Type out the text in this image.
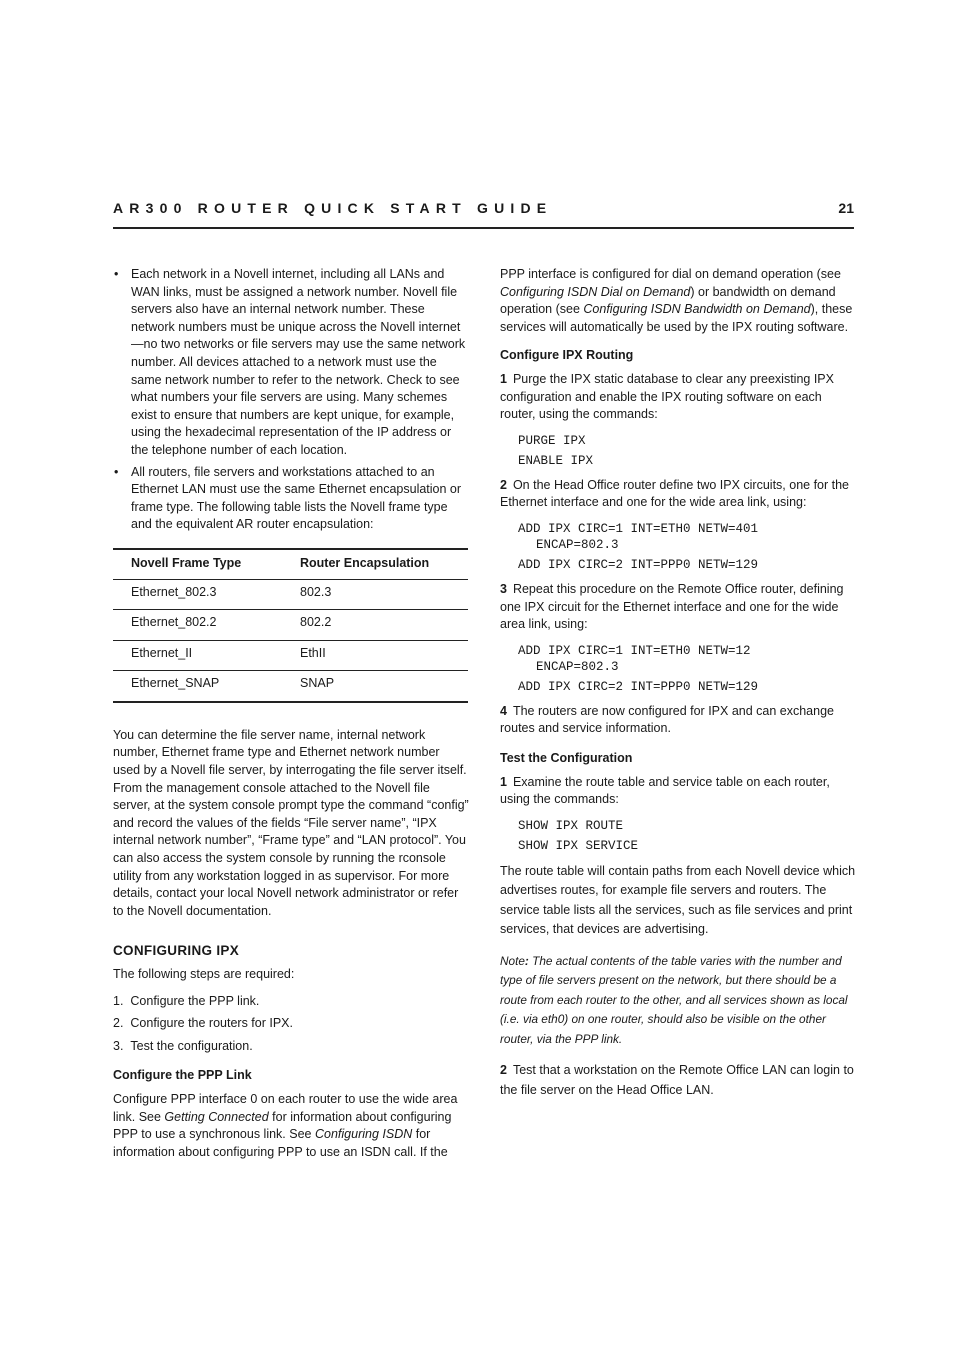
AR300 ROUTER QUICK START GUIDE	21
• Each network in a Novell internet, including all LANs and WAN links, must be assigned a network number. Novell file servers also have an internal network number. These network numbers must be unique across the Novell internet—no two networks or file servers may use the same network number. All devices attached to a network must use the same network number to refer to the network. Check to see what numbers your file servers are using. Many schemes exist to ensure that numbers are kept unique, for example, using the hexadecimal representation of the IP address or the telephone number of each location.
• All routers, file servers and workstations attached to an Ethernet LAN must use the same Ethernet encapsulation or frame type. The following table lists the Novell frame type and the equivalent AR router encapsulation:
Novell Frame Type	Router Encapsulation
Ethernet_802.3	802.3
Ethernet_802.2	802.2
Ethernet_II	EthII
Ethernet_SNAP	SNAP

You can determine the file server name, internal network number, Ethernet frame type and Ethernet network number used by a Novell file server, by interrogating the file server itself. From the management console attached to the Novell file server, at the system console prompt type the command “config” and record the values of the fields “File server name”, “IPX internal network number”, “Frame type” and “LAN protocol”. You can also access the system console by running the rconsole utility from any workstation logged in as supervisor. For more details, contact your local Novell network administrator or refer to the Novell documentation.

CONFIGURING IPX

The following steps are required:

1. Configure the PPP link.
2. Configure the routers for IPX.
3. Test the configuration.
Configure the PPP Link

Configure PPP interface 0 on each router to use the wide area link. See Getting Connected for information about configuring PPP to use a synchronous link. See Configuring ISDN for information about configuring PPP to use an ISDN call. If the

PPP interface is configured for dial on demand operation (see Configuring ISDN Dial on Demand) or bandwidth on demand operation (see Configuring ISDN Bandwidth on Demand), these services will automatically be used by the IPX routing software.

Configure IPX Routing

1 Purge the IPX static database to clear any preexisting IPX configuration and enable the IPX routing software on each router, using the commands:

PURGE IPX
ENABLE IPX

2 On the Head Office router define two IPX circuits, one for the Ethernet interface and one for the wide area link, using:

ADD IPX CIRC=1 INT=ETH0 NETW=401
ENCAP=802.3
ADD IPX CIRC=2 INT=PPP0 NETW=129

3 Repeat this procedure on the Remote Office router, defining one IPX circuit for the Ethernet interface and one for the wide area link, using:

ADD IPX CIRC=1 INT=ETH0 NETW=12
ENCAP=802.3
ADD IPX CIRC=2 INT=PPP0 NETW=129

4 The routers are now configured for IPX and can exchange routes and service information.

Test the Configuration

1 Examine the route table and service table on each router, using the commands:

SHOW IPX ROUTE
SHOW IPX SERVICE

The route table will contain paths from each Novell device which advertises routes, for example file servers and routers. The service table lists all the services, such as file services and print services, that devices are advertising.

Note: The actual contents of the table varies with the number and type of file servers present on the network, but there should be a route from each router to the other, and all services shown as local (i.e. via eth0) on one router, should also be visible on the other router, via the PPP link.

2 Test that a workstation on the Remote Office LAN can login to the file server on the Head Office LAN.
